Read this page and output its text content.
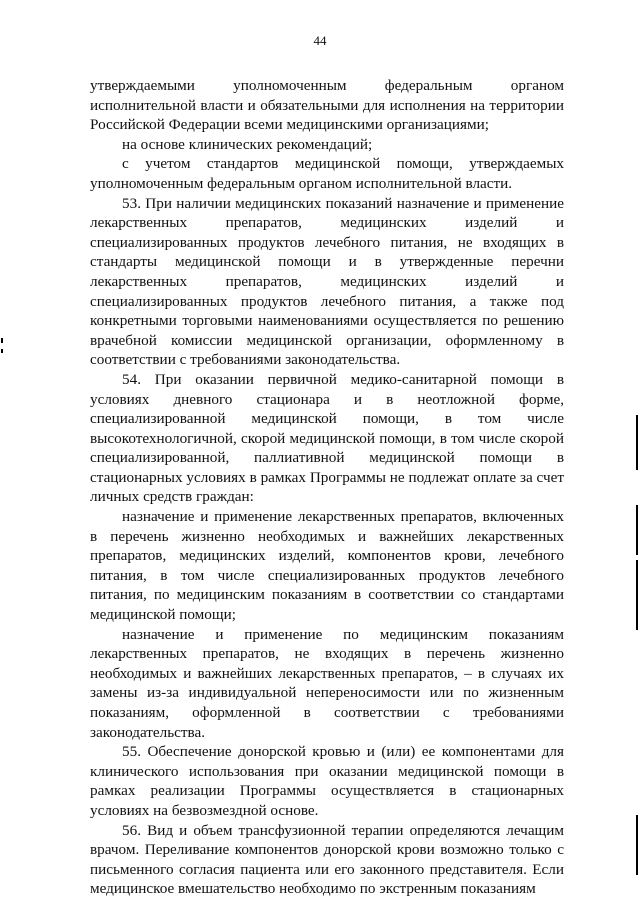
44

утверждаемыми уполномоченным федеральным органом исполнительной власти и обязательными для исполнения на территории Российской Федерации всеми медицинскими организациями;

на основе клинических рекомендаций;

с учетом стандартов медицинской помощи, утверждаемых уполномоченным федеральным органом исполнительной власти.

53. При наличии медицинских показаний назначение и применение лекарственных препаратов, медицинских изделий и специализированных продуктов лечебного питания, не входящих в стандарты медицинской помощи и в утвержденные перечни лекарственных препаратов, медицинских изделий и специализированных продуктов лечебного питания, а также под конкретными торговыми наименованиями осуществляется по решению врачебной комиссии медицинской организации, оформленному в соответствии с требованиями законодательства.

54. При оказании первичной медико-санитарной помощи в условиях дневного стационара и в неотложной форме, специализированной медицинской помощи, в том числе высокотехнологичной, скорой медицинской помощи, в том числе скорой специализированной, паллиативной медицинской помощи в стационарных условиях в рамках Программы не подлежат оплате за счет личных средств граждан:

назначение и применение лекарственных препаратов, включенных в перечень жизненно необходимых и важнейших лекарственных препаратов, медицинских изделий, компонентов крови, лечебного питания, в том числе специализированных продуктов лечебного питания, по медицинским показаниям в соответствии со стандартами медицинской помощи;

назначение и применение по медицинским показаниям лекарственных препаратов, не входящих в перечень жизненно необходимых и важнейших лекарственных препаратов, – в случаях их замены из-за индивидуальной непереносимости или по жизненным показаниям, оформленной в соответствии с требованиями законодательства.

55. Обеспечение донорской кровью и (или) ее компонентами для клинического использования при оказании медицинской помощи в рамках реализации Программы осуществляется в стационарных условиях на безвозмездной основе.

56. Вид и объем трансфузионной терапии определяются лечащим врачом. Переливание компонентов донорской крови возможно только с письменного согласия пациента или его законного представителя. Если медицинское вмешательство необходимо по экстренным показаниям
